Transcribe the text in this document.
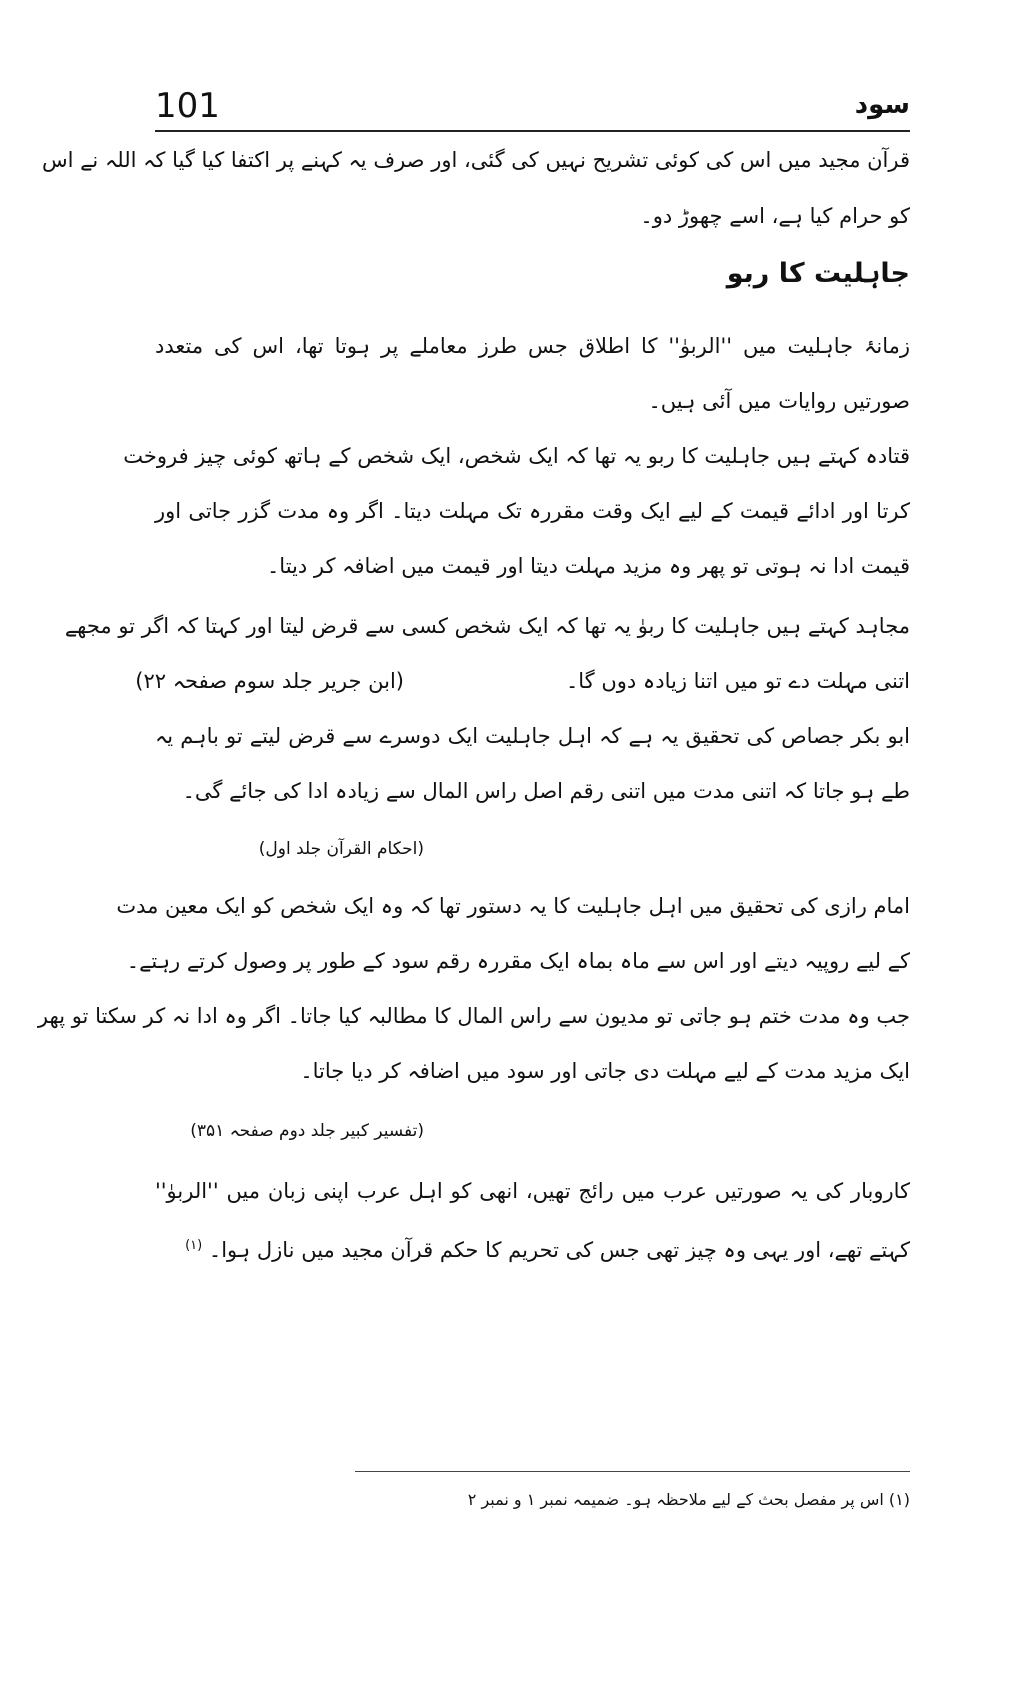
101	سود
قرآن مجید میں اس کی کوئی تشریح نہیں کی گئی، اور صرف یہ کہنے پر اکتفا کیا گیا کہ اللہ نے اس
کو حرام کیا ہے، اسے چھوڑ دو۔
جاہلیت کا ربو
زمانۂ جاہلیت میں ''الربوٰ'' کا اطلاق جس طرز معاملے پر ہوتا تھا، اس کی متعدد
صورتیں روایات میں آئی ہیں۔
قتادہ کہتے ہیں جاہلیت کا ربو یہ تھا کہ ایک شخص، ایک شخص کے ہاتھ کوئی چیز فروخت
کرتا اور ادائے قیمت کے لیے ایک وقت مقررہ تک مہلت دیتا۔ اگر وہ مدت گزر جاتی اور
قیمت ادا نہ ہوتی تو پھر وہ مزید مہلت دیتا اور قیمت میں اضافہ کر دیتا۔
مجاہد کہتے ہیں جاہلیت کا ربوٰ یہ تھا کہ ایک شخص کسی سے قرض لیتا اور کہتا کہ اگر تو مجھے
اتنی مہلت دے تو میں اتنا زیادہ دوں گا۔
(ابن جریر جلد سوم صفحہ ۲۲)
ابو بکر جصاص کی تحقیق یہ ہے کہ اہل جاہلیت ایک دوسرے سے قرض لیتے تو باہم یہ
طے ہو جاتا کہ اتنی مدت میں اتنی رقم اصل راس المال سے زیادہ ادا کی جائے گی۔
(احکام القرآن جلد اول)
امام رازی کی تحقیق میں اہل جاہلیت کا یہ دستور تھا کہ وہ ایک شخص کو ایک معین مدت
کے لیے روپیہ دیتے اور اس سے ماہ بماہ ایک مقررہ رقم سود کے طور پر وصول کرتے رہتے۔
جب وہ مدت ختم ہو جاتی تو مدیون سے راس المال کا مطالبہ کیا جاتا۔ اگر وہ ادا نہ کر سکتا تو پھر
ایک مزید مدت کے لیے مہلت دی جاتی اور سود میں اضافہ کر دیا جاتا۔
(تفسیر کبیر جلد دوم صفحہ ۳۵۱)
کاروبار کی یہ صورتیں عرب میں رائج تھیں، انھی کو اہل عرب اپنی زبان میں ''الربوٰ''
کہتے تھے، اور یہی وہ چیز تھی جس کی تحریم کا حکم قرآن مجید میں نازل ہوا۔ $^{(۱)}$
(۱) اس پر مفصل بحث کے لیے ملاحظہ ہو۔ ضمیمہ نمبر ۱ و نمبر ۲
